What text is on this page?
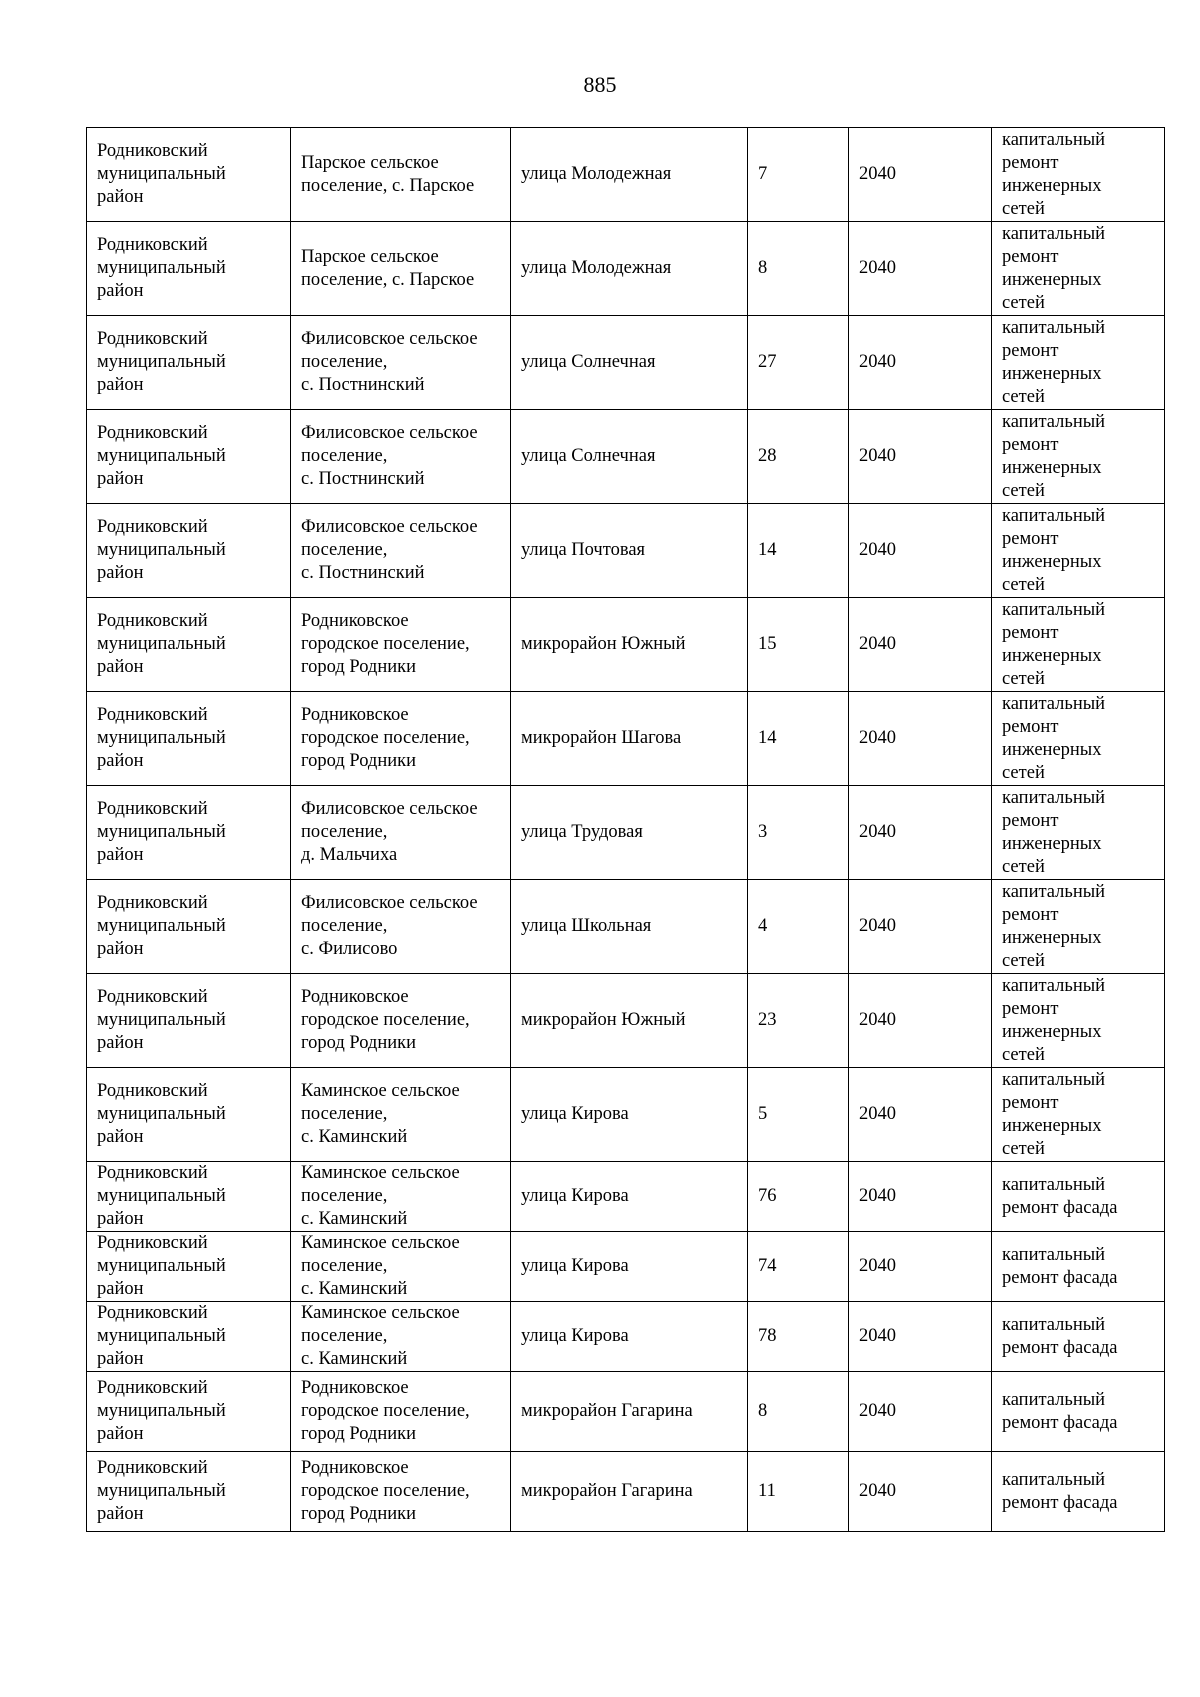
885
Родниковский
муниципальный
район	Парское сельское
поселение, с. Парское	улица Молодежная	7	2040	капитальный
ремонт
инженерных
сетей
Родниковский
муниципальный
район	Парское сельское
поселение, с. Парское	улица Молодежная	8	2040	капитальный
ремонт
инженерных
сетей
Родниковский
муниципальный
район	Филисовское сельское
поселение,
с. Постнинский	улица Солнечная	27	2040	капитальный
ремонт
инженерных
сетей
Родниковский
муниципальный
район	Филисовское сельское
поселение,
с. Постнинский	улица Солнечная	28	2040	капитальный
ремонт
инженерных
сетей
Родниковский
муниципальный
район	Филисовское сельское
поселение,
с. Постнинский	улица Почтовая	14	2040	капитальный
ремонт
инженерных
сетей
Родниковский
муниципальный
район	Родниковское
городское поселение,
город Родники	микрорайон Южный	15	2040	капитальный
ремонт
инженерных
сетей
Родниковский
муниципальный
район	Родниковское
городское поселение,
город Родники	микрорайон Шагова	14	2040	капитальный
ремонт
инженерных
сетей
Родниковский
муниципальный
район	Филисовское сельское
поселение,
д. Мальчиха	улица Трудовая	3	2040	капитальный
ремонт
инженерных
сетей
Родниковский
муниципальный
район	Филисовское сельское
поселение,
с. Филисово	улица Школьная	4	2040	капитальный
ремонт
инженерных
сетей
Родниковский
муниципальный
район	Родниковское
городское поселение,
город Родники	микрорайон Южный	23	2040	капитальный
ремонт
инженерных
сетей
Родниковский
муниципальный
район	Каминское сельское
поселение,
с. Каминский	улица Кирова	5	2040	капитальный
ремонт
инженерных
сетей
Родниковский
муниципальный
район	Каминское сельское
поселение,
с. Каминский	улица Кирова	76	2040	капитальный
ремонт фасада
Родниковский
муниципальный
район	Каминское сельское
поселение,
с. Каминский	улица Кирова	74	2040	капитальный
ремонт фасада
Родниковский
муниципальный
район	Каминское сельское
поселение,
с. Каминский	улица Кирова	78	2040	капитальный
ремонт фасада
Родниковский
муниципальный
район	Родниковское
городское поселение,
город Родники	микрорайон Гагарина	8	2040	капитальный
ремонт фасада
Родниковский
муниципальный
район	Родниковское
городское поселение,
город Родники	микрорайон Гагарина	11	2040	капитальный
ремонт фасада
